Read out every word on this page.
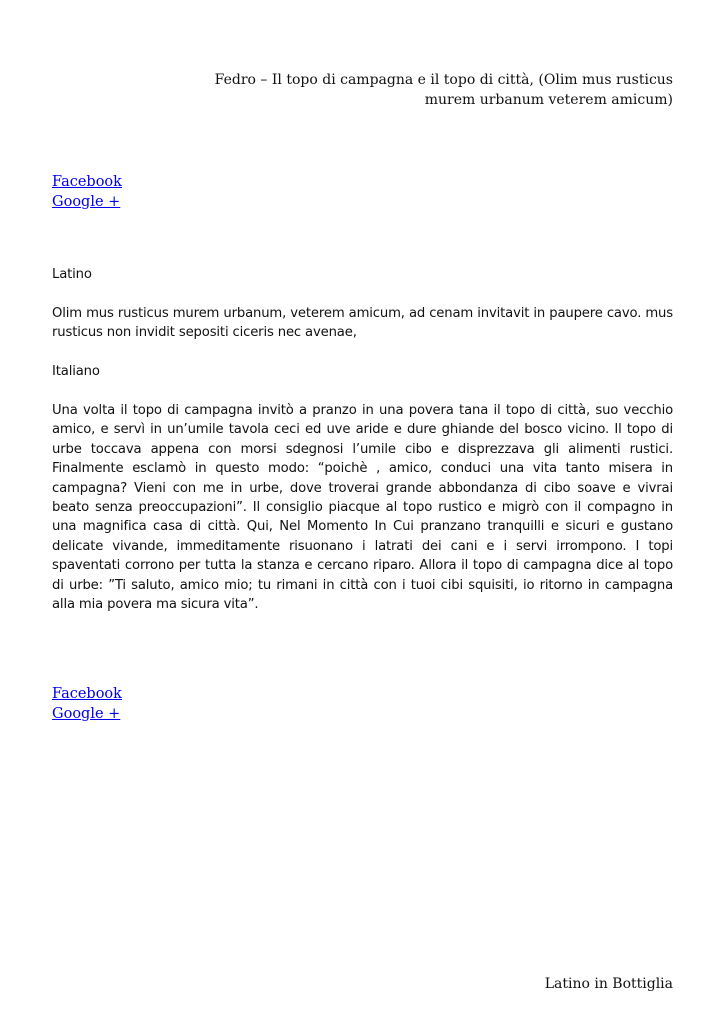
Fedro – Il topo di campagna e il topo di città, (Olim mus rusticus murem urbanum veterem amicum)
Facebook
Google +
Latino

Olim mus rusticus murem urbanum, veterem amicum, ad cenam invitavit in paupere cavo. mus rusticus non invidit sepositi ciceris nec avenae,

Italiano

Una volta il topo di campagna invitò a pranzo in una povera tana il topo di città, suo vecchio amico, e servì in un’umile tavola ceci ed uve aride e dure ghiande del bosco vicino. Il topo di urbe toccava appena con morsi sdegnosi l’umile cibo e disprezzava gli alimenti rustici. Finalmente esclamò in questo modo: “poichè , amico, conduci una vita tanto misera in campagna? Vieni con me in urbe, dove troverai grande abbondanza di cibo soave e vivrai beato senza preoccupazioni”. Il consiglio piacque al topo rustico e migrò con il compagno in una magnifica casa di città. Qui, Nel Momento In Cui pranzano tranquilli e sicuri e gustano delicate vivande, immeditamente risuonano i latrati dei cani e i servi irrompono. I topi spaventati corrono per tutta la stanza e cercano riparo. Allora il topo di campagna dice al topo di urbe: ”Ti saluto, amico mio; tu rimani in città con i tuoi cibi squisiti, io ritorno in campagna alla mia povera ma sicura vita”.

Facebook
Google +
Latino in Bottiglia
